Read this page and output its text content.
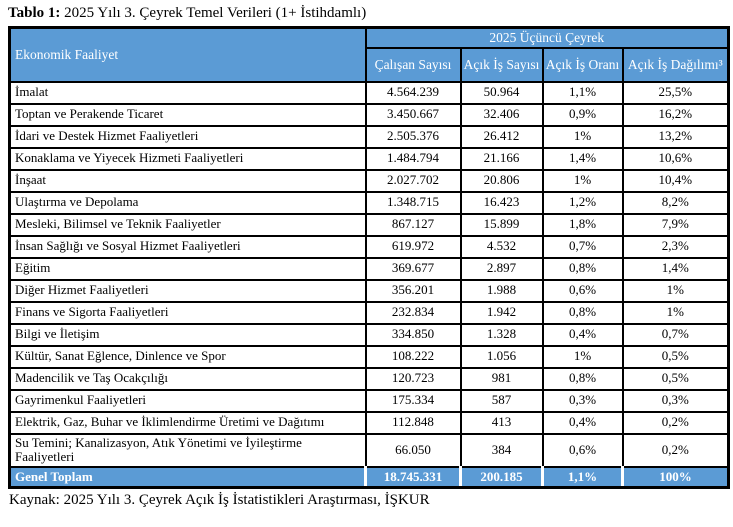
Tablo 1: 2025 Yılı 3. Çeyrek Temel Verileri (1+ İstihdamlı)
Ekonomik Faaliyet	2025 Üçüncü Çeyrek			
	Çalışan Sayısı	Açık İş Sayısı	Açık İş Oranı	Açık İş Dağılımı³
İmalat	4.564.239	50.964	1,1%	25,5%
Toptan ve Perakende Ticaret	3.450.667	32.406	0,9%	16,2%
İdari ve Destek Hizmet Faaliyetleri	2.505.376	26.412	1%	13,2%
Konaklama ve Yiyecek Hizmeti Faaliyetleri	1.484.794	21.166	1,4%	10,6%
İnşaat	2.027.702	20.806	1%	10,4%
Ulaştırma ve Depolama	1.348.715	16.423	1,2%	8,2%
Mesleki, Bilimsel ve Teknik Faaliyetler	867.127	15.899	1,8%	7,9%
İnsan Sağlığı ve Sosyal Hizmet Faaliyetleri	619.972	4.532	0,7%	2,3%
Eğitim	369.677	2.897	0,8%	1,4%
Diğer Hizmet Faaliyetleri	356.201	1.988	0,6%	1%
Finans ve Sigorta Faaliyetleri	232.834	1.942	0,8%	1%
Bilgi ve İletişim	334.850	1.328	0,4%	0,7%
Kültür, Sanat Eğlence, Dinlence ve Spor	108.222	1.056	1%	0,5%
Madencilik ve Taş Ocakçılığı	120.723	981	0,8%	0,5%
Gayrimenkul Faaliyetleri	175.334	587	0,3%	0,3%
Elektrik, Gaz, Buhar ve İklimlendirme Üretimi ve Dağıtımı	112.848	413	0,4%	0,2%
Su Temini; Kanalizasyon, Atık Yönetimi ve İyileştirme Faaliyetleri	66.050	384	0,6%	0,2%
Genel Toplam	18.745.331	200.185	1,1%	100%
Kaynak: 2025 Yılı 3. Çeyrek Açık İş İstatistikleri Araştırması, İŞKUR
